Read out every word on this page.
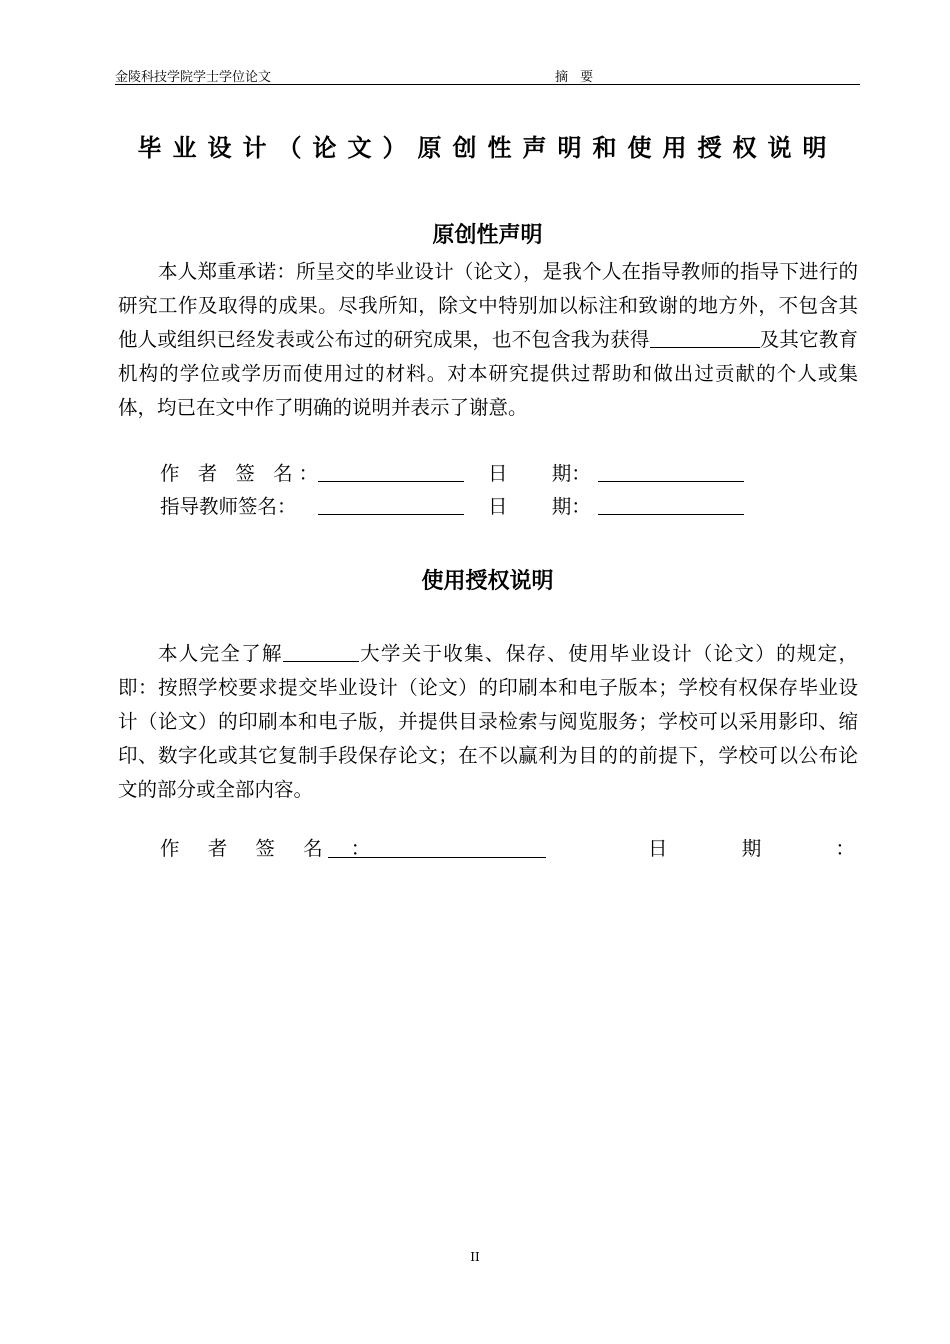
金陵科技学院学士学位论文	摘 要
毕业设计（论文）原创性声明和使用授权说明
原创性声明
本人郑重承诺：所呈交的毕业设计（论文），是我个人在指导教师的指导下进行的研究工作及取得的成果。尽我所知，除文中特别加以标注和致谢的地方外，不包含其他人或组织已经发表或公布过的研究成果，也不包含我为获得	及其它教育机构的学位或学历而使用过的材料。对本研究提供过帮助和做出过贡献的个人或集体，均已在文中作了明确的说明并表示了谢意。
作 者 签 名：	日 期：
指导教师签名：	日 期：
使用授权说明
本人完全了解	大学关于收集、保存、使用毕业设计（论文）的规定，即：按照学校要求提交毕业设计（论文）的印刷本和电子版本；学校有权保存毕业设计（论文）的印刷本和电子版，并提供目录检索与阅览服务；学校可以采用影印、缩印、数字化或其它复制手段保存论文；在不以赢利为目的的前提下，学校可以公布论文的部分或全部内容。
作 者 签 名 ：	日 期 ：
II
